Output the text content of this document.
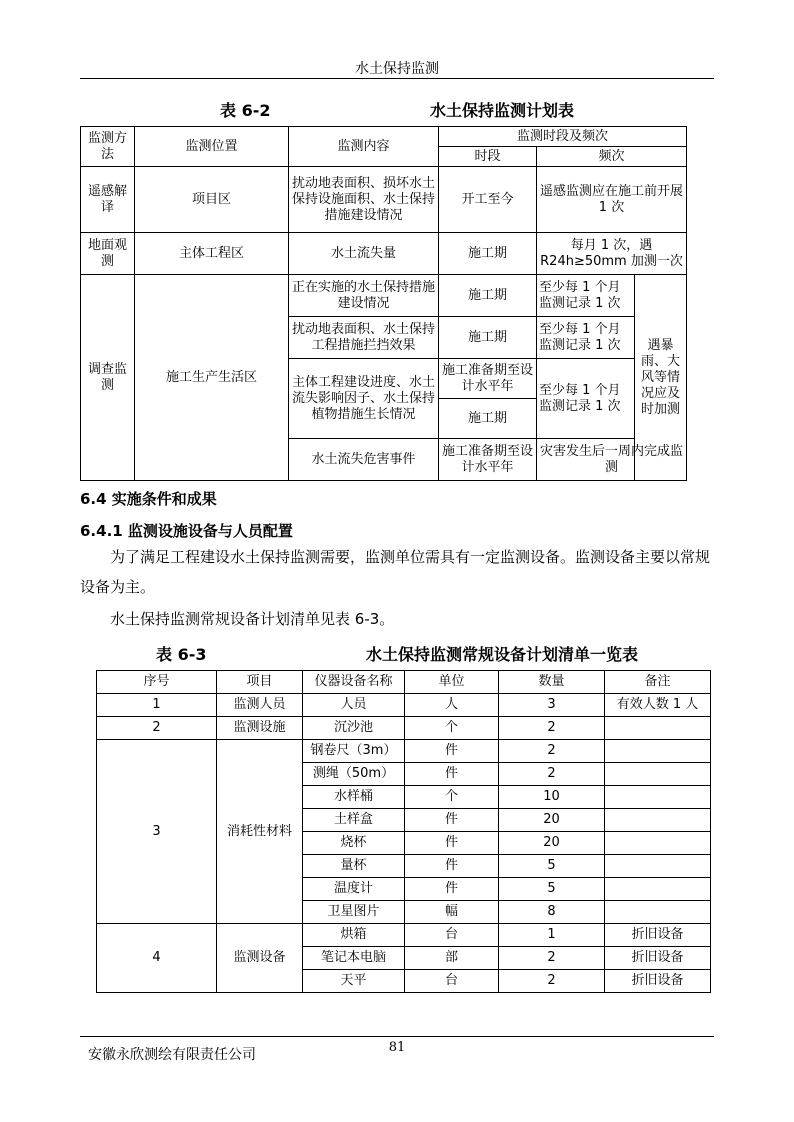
水土保持监测
表 6-2	水土保持监测计划表
监测方法	监测位置	监测内容	监测时段及频次		
			时段	频次	
遥感解译	项目区	扰动地表面积、损坏水土保持设施面积、水土保持措施建设情况	开工至今	遥感监测应在施工前开展 1 次	
地面观测	主体工程区	水土流失量	施工期	每月 1 次，遇 R24h≥50mm 加测一次	
调查监测	施工生产生活区	正在实施的水土保持措施建设情况	施工期	至少每 1 个月监测记录 1 次	遇暴雨、大风等情况应及时加测
		扰动地表面积、水土保持工程措施拦挡效果	施工期	至少每 1 个月监测记录 1 次	
		主体工程建设进度、水土流失影响因子、水土保持植物措施生长情况	施工准备期至设计水平年	至少每 1 个月监测记录 1 次	
			施工期		
		水土流失危害事件	施工准备期至设计水平年	灾害发生后一周内完成监测	
6.4 实施条件和成果
6.4.1 监测设施设备与人员配置
为了满足工程建设水土保持监测需要，监测单位需具有一定监测设备。监测设备主要以常规设备为主。
水土保持监测常规设备计划清单见表 6-3。
表 6-3	水土保持监测常规设备计划清单一览表
序号	项目	仪器设备名称	单位	数量	备注
1	监测人员	人员	人	3	有效人数 1 人
2	监测设施	沉沙池	个	2	
3	消耗性材料	钢卷尺（3m）	件	2	
		测绳（50m）	件	2	
		水样桶	个	10	
		土样盒	件	20	
		烧杯	件	20	
		量杯	件	5	
		温度计	件	5	
		卫星图片	幅	8	
4	监测设备	烘箱	台	1	折旧设备
		笔记本电脑	部	2	折旧设备
		天平	台	2	折旧设备
81
安徽永欣测绘有限责任公司
